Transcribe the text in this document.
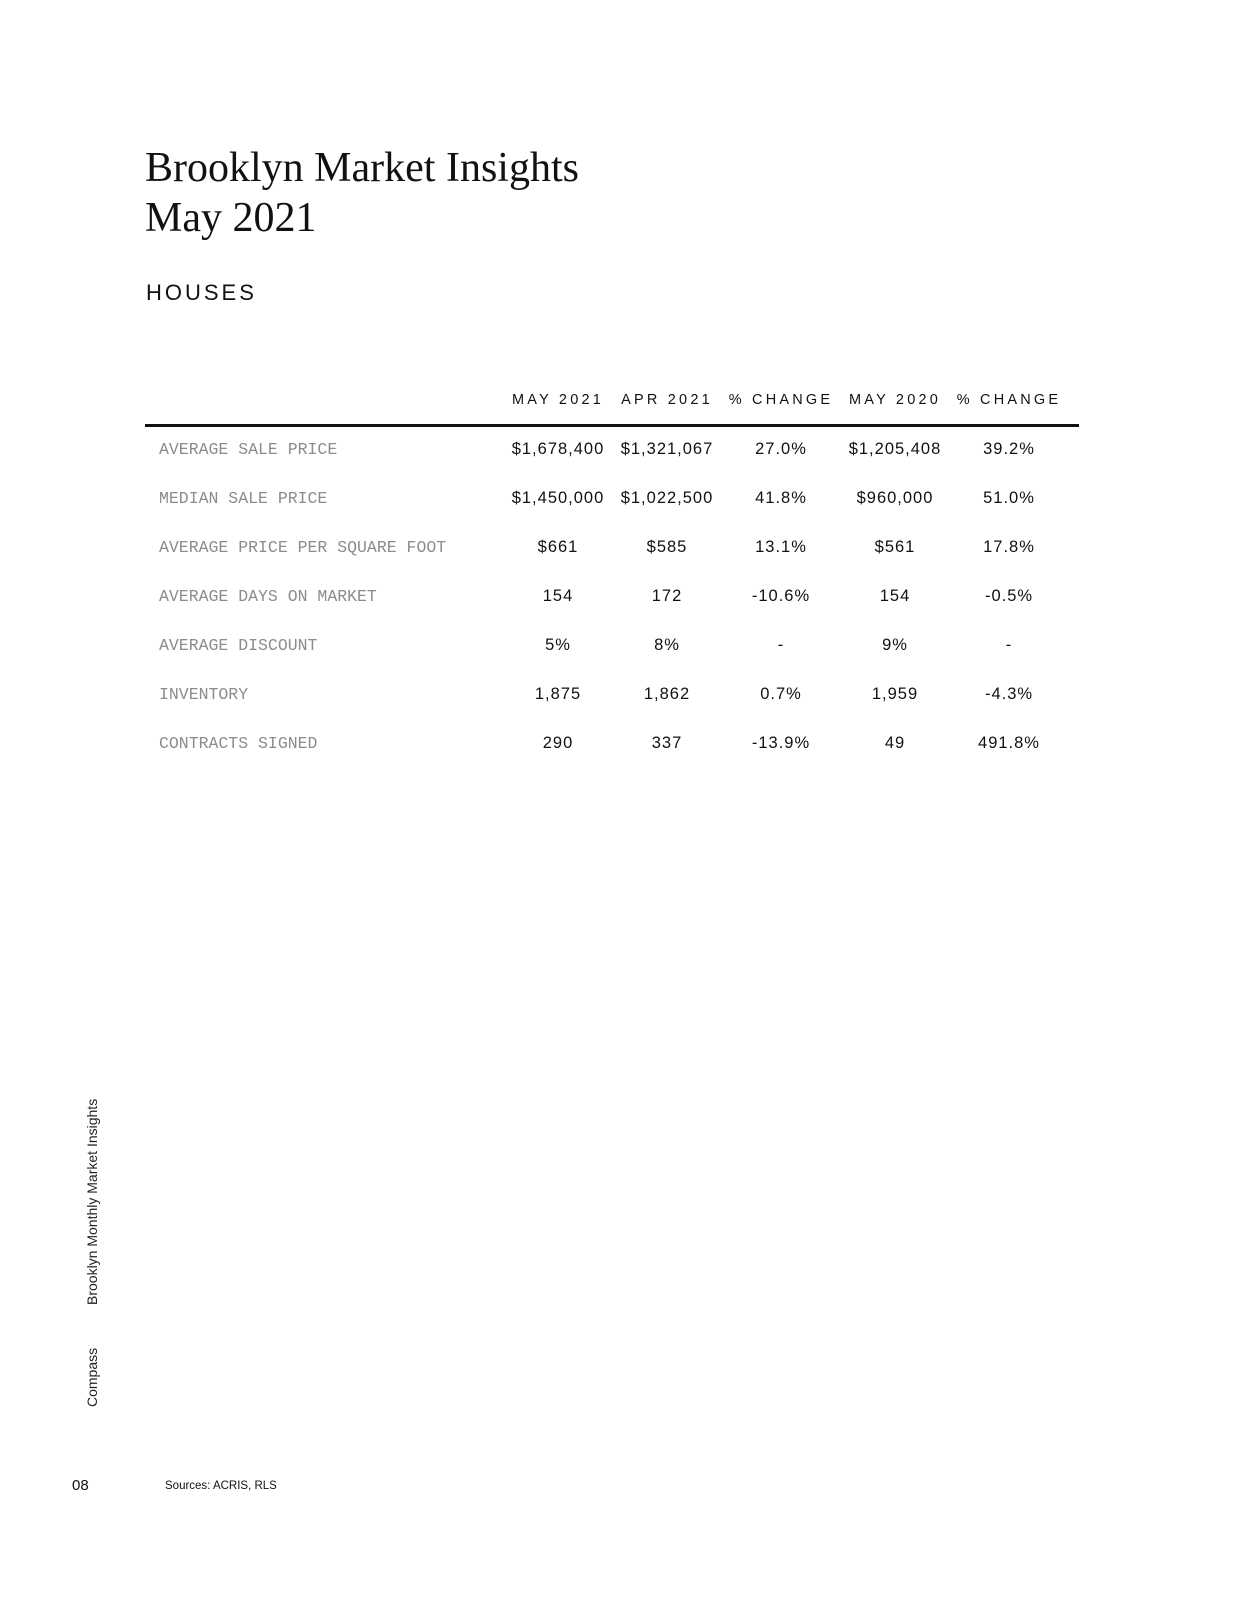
Brooklyn Market Insights
May 2021
HOUSES
MAY 2021 APR 2021 % CHANGE MAY 2020 % CHANGE
AVERAGE SALE PRICE	$1,678,400 $1,321,067	27.0%	$1,205,408	39.2%
MEDIAN SALE PRICE	$1,450,000 $1,022,500	41.8%	$960,000	51.0%
AVERAGE PRICE PER SQUARE FOOT	$661	$585	13.1%	$561	17.8%
AVERAGE DAYS ON MARKET	154	172	-10.6%	154	-0.5%
AVERAGE DISCOUNT	5%	8%	-	9%	-
INVENTORY	1,875	1,862	0.7%	1,959	-4.3%
CONTRACTS SIGNED	290	337	-13.9%	49	491.8%
Compass
Brooklyn Monthly Market Insights
08	Sources: ACRIS, RLS
